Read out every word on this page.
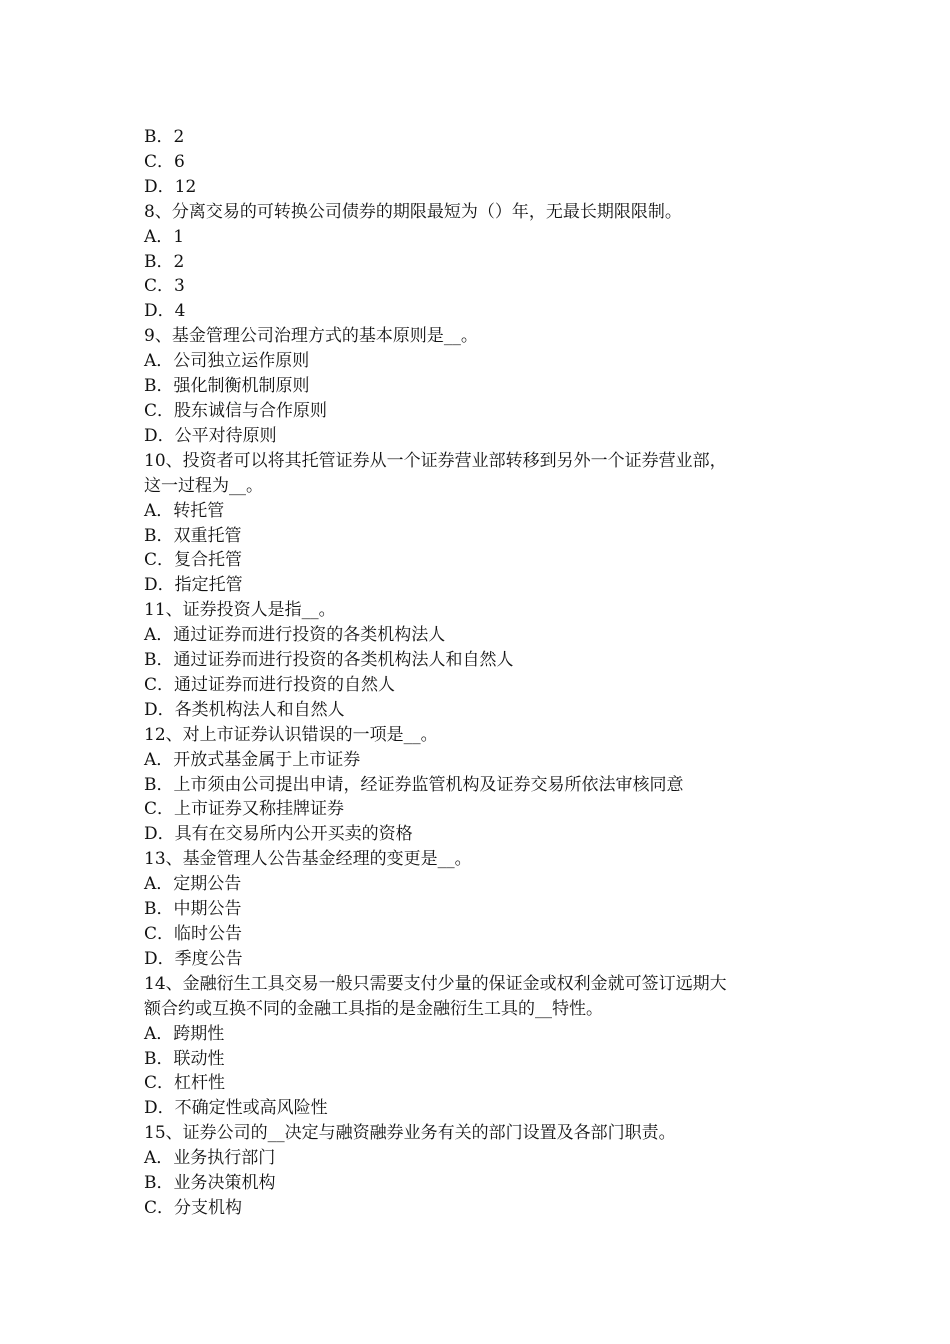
B．2

C．6

D．12

8、分离交易的可转换公司债券的期限最短为（）年，无最长期限限制。

A．1

B．2

C．3

D．4

9、基金管理公司治理方式的基本原则是__。

A．公司独立运作原则

B．强化制衡机制原则

C．股东诚信与合作原则

D．公平对待原则

10、投资者可以将其托管证券从一个证券营业部转移到另外一个证券营业部，

这一过程为__。

A．转托管

B．双重托管

C．复合托管

D．指定托管

11、证券投资人是指__。

A．通过证券而进行投资的各类机构法人

B．通过证券而进行投资的各类机构法人和自然人

C．通过证券而进行投资的自然人

D．各类机构法人和自然人

12、对上市证券认识错误的一项是__。

A．开放式基金属于上市证券

B．上市须由公司提出申请，经证券监管机构及证券交易所依法审核同意

C．上市证券又称挂牌证券

D．具有在交易所内公开买卖的资格

13、基金管理人公告基金经理的变更是__。

A．定期公告

B．中期公告

C．临时公告

D．季度公告

14、金融衍生工具交易一般只需要支付少量的保证金或权利金就可签订远期大

额合约或互换不同的金融工具指的是金融衍生工具的__特性。

A．跨期性

B．联动性

C．杠杆性

D．不确定性或高风险性

15、证券公司的__决定与融资融券业务有关的部门设置及各部门职责。

A．业务执行部门

B．业务决策机构

C．分支机构
